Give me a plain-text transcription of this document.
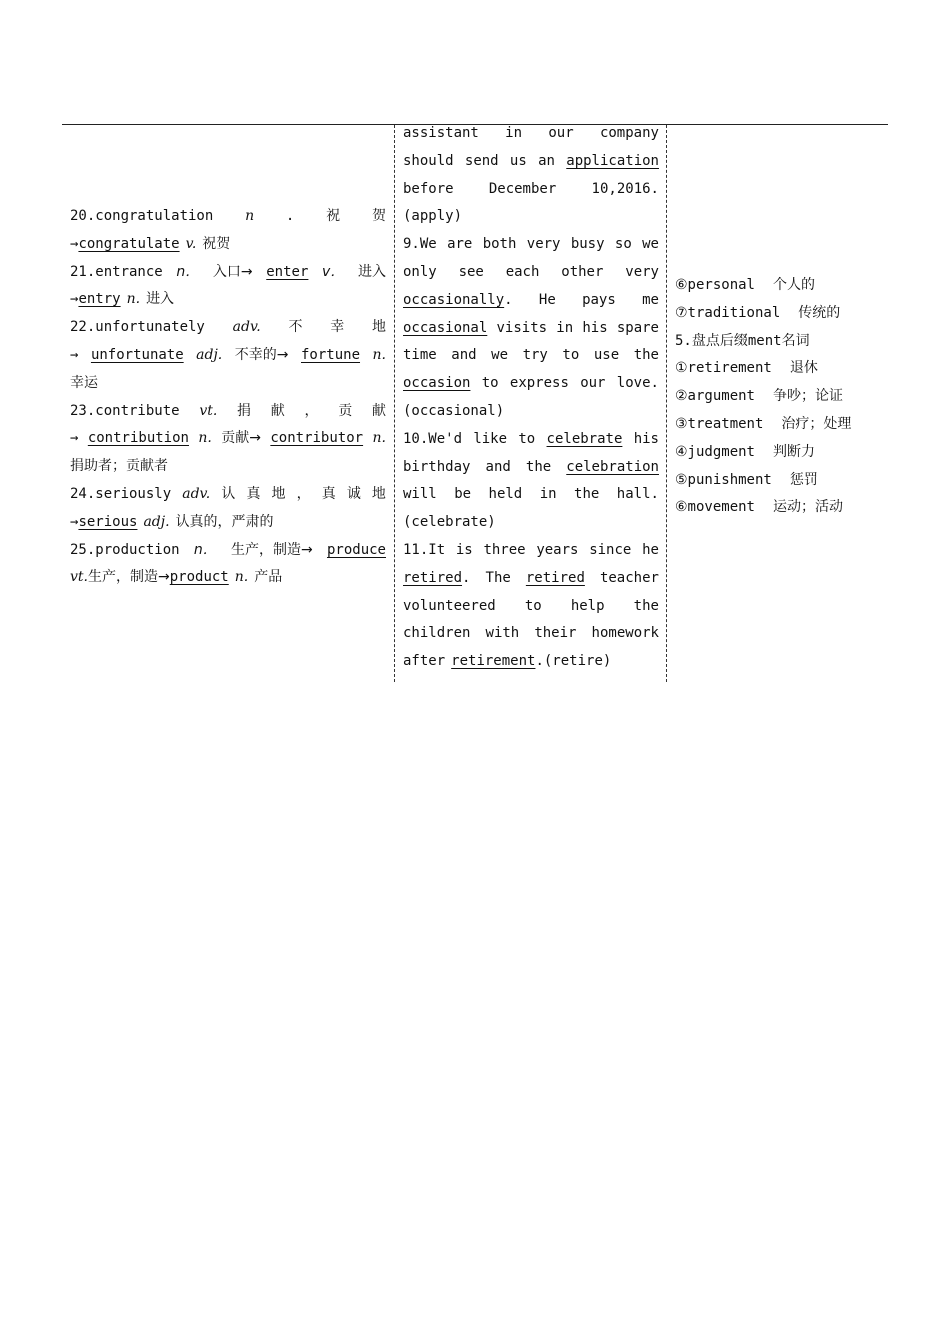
20.congratulation n . 祝 贺
→ congratulate v. 祝贺
21.entrance n． 入口→ enter v． 进入
→ entry n. 进入
22.unfortunately adv. 不 幸 地
→ unfortunate adj. 不幸的→ fortune n.
幸运
23.contribute vt. 捐 献 ， 贡 献
→ contribution n. 贡献→ contributor n.
捐助者；贡献者
24.seriously adv. 认 真 地 ， 真 诚 地
→ serious adj. 认真的，严肃的
25.production n． 生产，制造→ produce
vt. 生产，制造→ product n. 产品
assistant in our company
should send us an application
before	December	10,2016.
(apply)
9.We are both very busy so we
only see each other very
occasionally. He pays me
occasional visits in his spare
time and we try to use the
occasion to express our love.
(occasional)
10.We'd like to celebrate his
birthday and the celebration
will be held in the hall.
(celebrate)
11.It is three years since he
retired. The retired teacher
volunteered to help the
children with their homework
after retirement.(retire)
⑥personal 个人的
⑦traditional 传统的
5.盘点后缀ment名词
①retirement 退休
②argument 争吵；论证
③treatment 治疗；处理
④judgment 判断力
⑤punishment 惩罚
⑥movement 运动；活动
